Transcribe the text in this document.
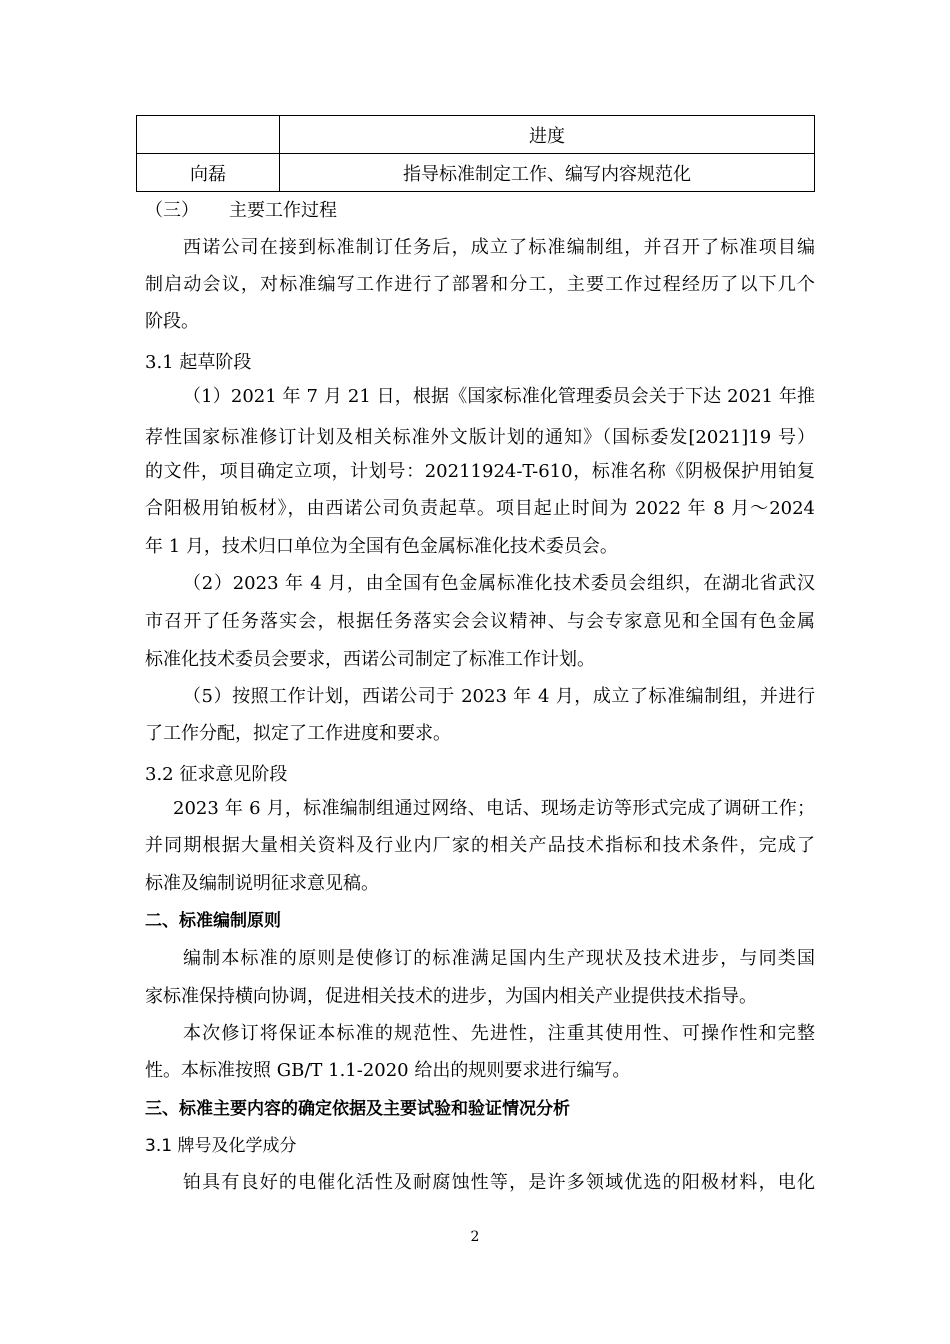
	进度
向磊	指导标准制定工作、编写内容规范化
（三） 主要工作过程
西诺公司在接到标准制订任务后，成立了标准编制组，并召开了标准项目编
制启动会议，对标准编写工作进行了部署和分工，主要工作过程经历了以下几个
阶段。
3.1 起草阶段
（1）2021 年 7 月 21 日，根据《国家标准化管理委员会关于下达 2021 年推
荐性国家标准修订计划及相关标准外文版计划的通知》（国标委发[2021]19 号）
的文件，项目确定立项，计划号：20211924-T-610，标准名称《阴极保护用铂复
合阳极用铂板材》，由西诺公司负责起草。项目起止时间为 2022 年 8 月～2024
年 1 月，技术归口单位为全国有色金属标准化技术委员会。
（2）2023 年 4 月，由全国有色金属标准化技术委员会组织，在湖北省武汉
市召开了任务落实会，根据任务落实会会议精神、与会专家意见和全国有色金属
标准化技术委员会要求，西诺公司制定了标准工作计划。
（5）按照工作计划，西诺公司于 2023 年 4 月，成立了标准编制组，并进行
了工作分配，拟定了工作进度和要求。
3.2 征求意见阶段
2023 年 6 月，标准编制组通过网络、电话、现场走访等形式完成了调研工作；
并同期根据大量相关资料及行业内厂家的相关产品技术指标和技术条件，完成了
标准及编制说明征求意见稿。
二、标准编制原则
编制本标准的原则是使修订的标准满足国内生产现状及技术进步，与同类国
家标准保持横向协调，促进相关技术的进步，为国内相关产业提供技术指导。
本次修订将保证本标准的规范性、先进性，注重其使用性、可操作性和完整
性。本标准按照 GB/T 1.1-2020 给出的规则要求进行编写。
三、标准主要内容的确定依据及主要试验和验证情况分析
3.1 牌号及化学成分
铂具有良好的电催化活性及耐腐蚀性等，是许多领域优选的阳极材料，电化
2
